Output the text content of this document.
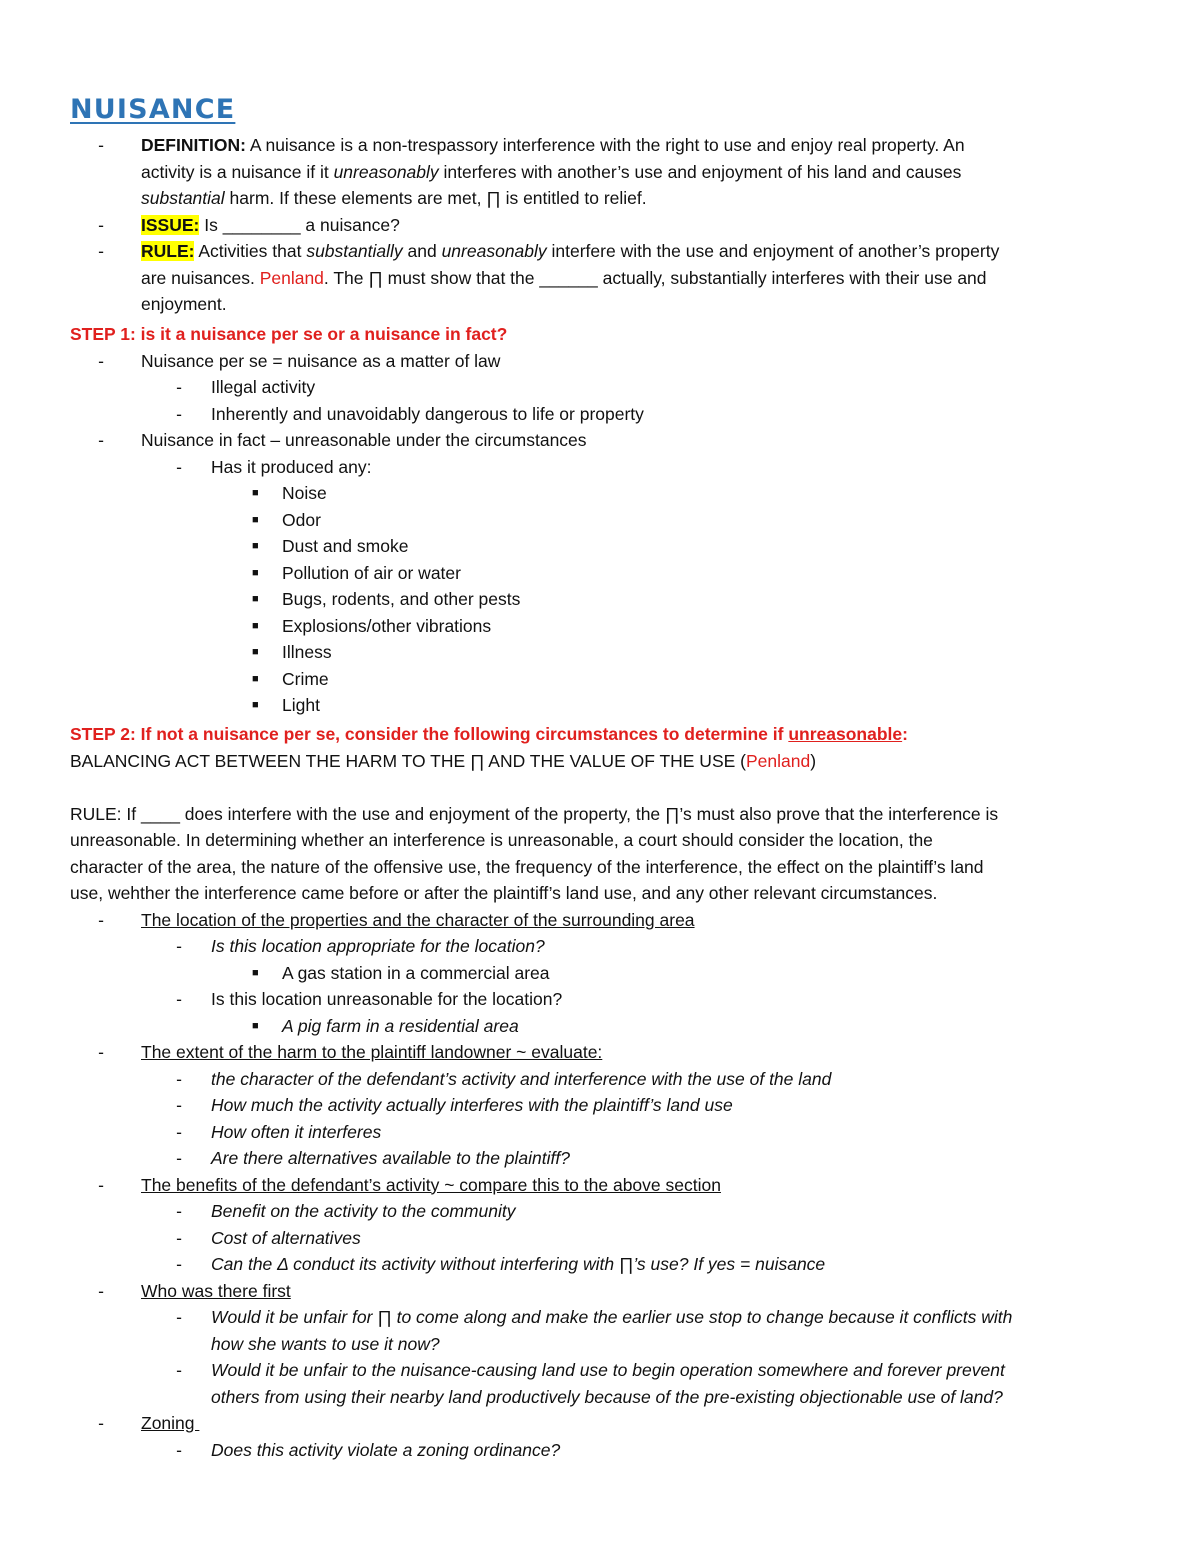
NUISANCE
- DEFINITION: A nuisance is a non-trespassory interference with the right to use and enjoy real property. An
activity is a nuisance if it unreasonably interferes with another’s use and enjoyment of his land and causes
substantial harm. If these elements are met, ∏ is entitled to relief.
- ISSUE: Is ________ a nuisance?
- RULE: Activities that substantially and unreasonably interfere with the use and enjoyment of another’s property
are nuisances. Penland. The ∏ must show that the ______ actually, substantially interferes with their use and
enjoyment.
STEP 1: is it a nuisance per se or a nuisance in fact?
- Nuisance per se = nuisance as a matter of law
- Illegal activity
- Inherently and unavoidably dangerous to life or property
- Nuisance in fact – unreasonable under the circumstances
- Has it produced any:
■ Noise
■ Odor
■ Dust and smoke
■ Pollution of air or water
■ Bugs, rodents, and other pests
■ Explosions/other vibrations
■ Illness
■ Crime
■ Light
STEP 2: If not a nuisance per se, consider the following circumstances to determine if unreasonable:
BALANCING ACT BETWEEN THE HARM TO THE ∏ AND THE VALUE OF THE USE (Penland)
RULE: If ____ does interfere with the use and enjoyment of the property, the ∏’s must also prove that the interference is
unreasonable. In determining whether an interference is unreasonable, a court should consider the location, the
character of the area, the nature of the offensive use, the frequency of the interference, the effect on the plaintiff’s land
use, wehther the interference came before or after the plaintiff’s land use, and any other relevant circumstances.
- The location of the properties and the character of the surrounding area
- Is this location appropriate for the location?
■ A gas station in a commercial area
- Is this location unreasonable for the location?
■ A pig farm in a residential area
- The extent of the harm to the plaintiff landowner ~ evaluate:
- the character of the defendant’s activity and interference with the use of the land
- How much the activity actually interferes with the plaintiff’s land use
- How often it interferes
- Are there alternatives available to the plaintiff?
- The benefits of the defendant’s activity ~ compare this to the above section
- Benefit on the activity to the community
- Cost of alternatives
- Can the Δ conduct its activity without interfering with ∏’s use? If yes = nuisance
- Who was there first
- Would it be unfair for ∏ to come along and make the earlier use stop to change because it conflicts with
how she wants to use it now?
- Would it be unfair to the nuisance-causing land use to begin operation somewhere and forever prevent
others from using their nearby land productively because of the pre-existing objectionable use of land?
- Zoning
- Does this activity violate a zoning ordinance?
